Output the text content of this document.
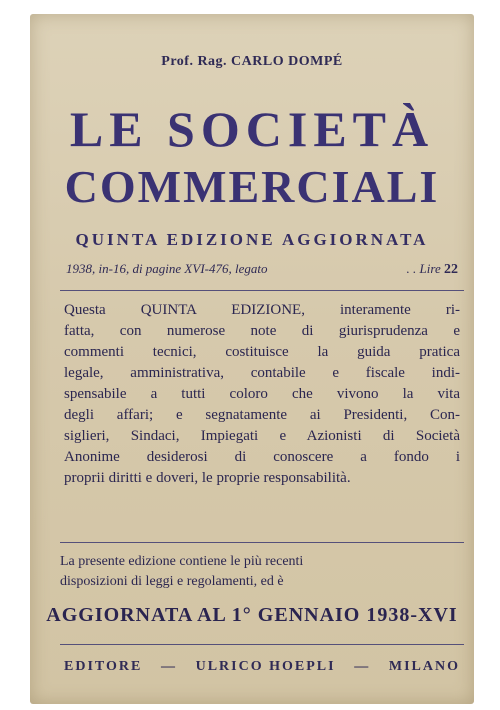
Prof. Rag. CARLO DOMPÉ
LE SOCIETÀ
COMMERCIALI
QUINTA EDIZIONE AGGIORNATA
1938, in-16, di pagine XVI-476, legato	. . Lire 22
Questa QUINTA EDIZIONE, interamente ri-
fatta, con numerose note di giurisprudenza e
commenti tecnici, costituisce la guida pratica
legale, amministrativa, contabile e fiscale indi-
spensabile a tutti coloro che vivono la vita
degli affari; e segnatamente ai Presidenti, Con-
siglieri, Sindaci, Impiegati e Azionisti di Società
Anonime desiderosi di conoscere a fondo i
proprii diritti e doveri, le proprie responsabilità.
La presente edizione contiene le più recenti
disposizioni di leggi e regolamenti, ed è
AGGIORNATA AL 1° GENNAIO 1938-XVI
EDITORE — ULRICO HOEPLI — MILANO
